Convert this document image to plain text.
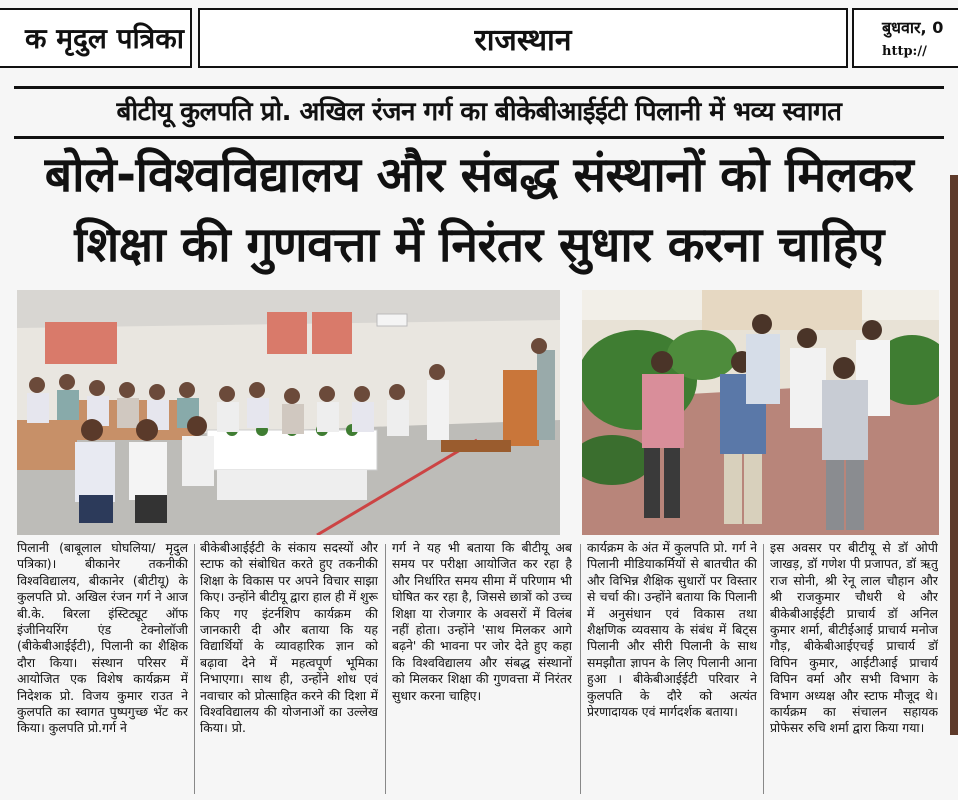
क मृदुल पत्रिका	राजस्थान	बुधवार, 0
http://
बीटीयू कुलपति प्रो. अखिल रंजन गर्ग का बीकेबीआईईटी पिलानी में भव्य स्वागत
बोले-विश्वविद्यालय और संबद्ध संस्थानों को मिलकर
शिक्षा की गुणवत्ता में निरंतर सुधार करना चाहिए
पिलानी (बाबूलाल घोघलिया/ मृदुल पत्रिका)। बीकानेर तकनीकी विश्वविद्यालय, बीकानेर (बीटीयू) के कुलपति प्रो. अखिल रंजन गर्ग ने आज बी.के. बिरला इंस्टिट्यूट ऑफ इंजीनियरिंग एंड टेक्नोलॉजी (बीकेबीआईईटी), पिलानी का शैक्षिक दौरा किया। संस्थान परिसर में आयोजित एक विशेष कार्यक्रम में निदेशक प्रो. विजय कुमार राउत ने कुलपति का स्वागत पुष्पगुच्छ भेंट कर किया। कुलपति प्रो.गर्ग ने
बीकेबीआईईटी के संकाय सदस्यों और स्टाफ को संबोधित करते हुए तकनीकी शिक्षा के विकास पर अपने विचार साझा किए। उन्होंने बीटीयू द्वारा हाल ही में शुरू किए गए इंटर्नशिप कार्यक्रम की जानकारी दी और बताया कि यह विद्यार्थियों के व्यावहारिक ज्ञान को बढ़ावा देने में महत्वपूर्ण भूमिका निभाएगा। साथ ही, उन्होंने शोध एवं नवाचार को प्रोत्साहित करने की दिशा में विश्वविद्यालय की योजनाओं का उल्लेख किया। प्रो.
गर्ग ने यह भी बताया कि बीटीयू अब समय पर परीक्षा आयोजित कर रहा है और निर्धारित समय सीमा में परिणाम भी घोषित कर रहा है, जिससे छात्रों को उच्च शिक्षा या रोजगार के अवसरों में विलंब नहीं होता। उन्होंने 'साथ मिलकर आगे बढ़ने' की भावना पर जोर देते हुए कहा कि विश्वविद्यालय और संबद्ध संस्थानों को मिलकर शिक्षा की गुणवत्ता में निरंतर सुधार करना चाहिए।
कार्यक्रम के अंत में कुलपति प्रो. गर्ग ने पिलानी मीडियाकर्मियों से बातचीत की और विभिन्न शैक्षिक सुधारों पर विस्तार से चर्चा की। उन्होंने बताया कि पिलानी में अनुसंधान एवं विकास तथा शैक्षणिक व्यवसाय के संबंध में बिट्स पिलानी और सीरी पिलानी के साथ समझौता ज्ञापन के लिए पिलानी आना हुआ । बीकेबीआईईटी परिवार ने कुलपति के दौरे को अत्यंत प्रेरणादायक एवं मार्गदर्शक बताया।
इस अवसर पर बीटीयू से डॉ ओपी जाखड़, डॉ गणेश पी प्रजापत, डॉ ऋतु राज सोनी, श्री रेनू लाल चौहान और श्री राजकुमार चौधरी थे और बीकेबीआईईटी प्राचार्य डॉ अनिल कुमार शर्मा, बीटीईआई प्राचार्य मनोज गौड़, बीकेबीआईएचई प्राचार्य डॉ विपिन कुमार, आईटीआई प्राचार्य विपिन वर्मा और सभी विभाग के विभाग अध्यक्ष और स्टाफ मौजूद थे। कार्यक्रम का संचालन सहायक प्रोफेसर रुचि शर्मा द्वारा किया गया।
